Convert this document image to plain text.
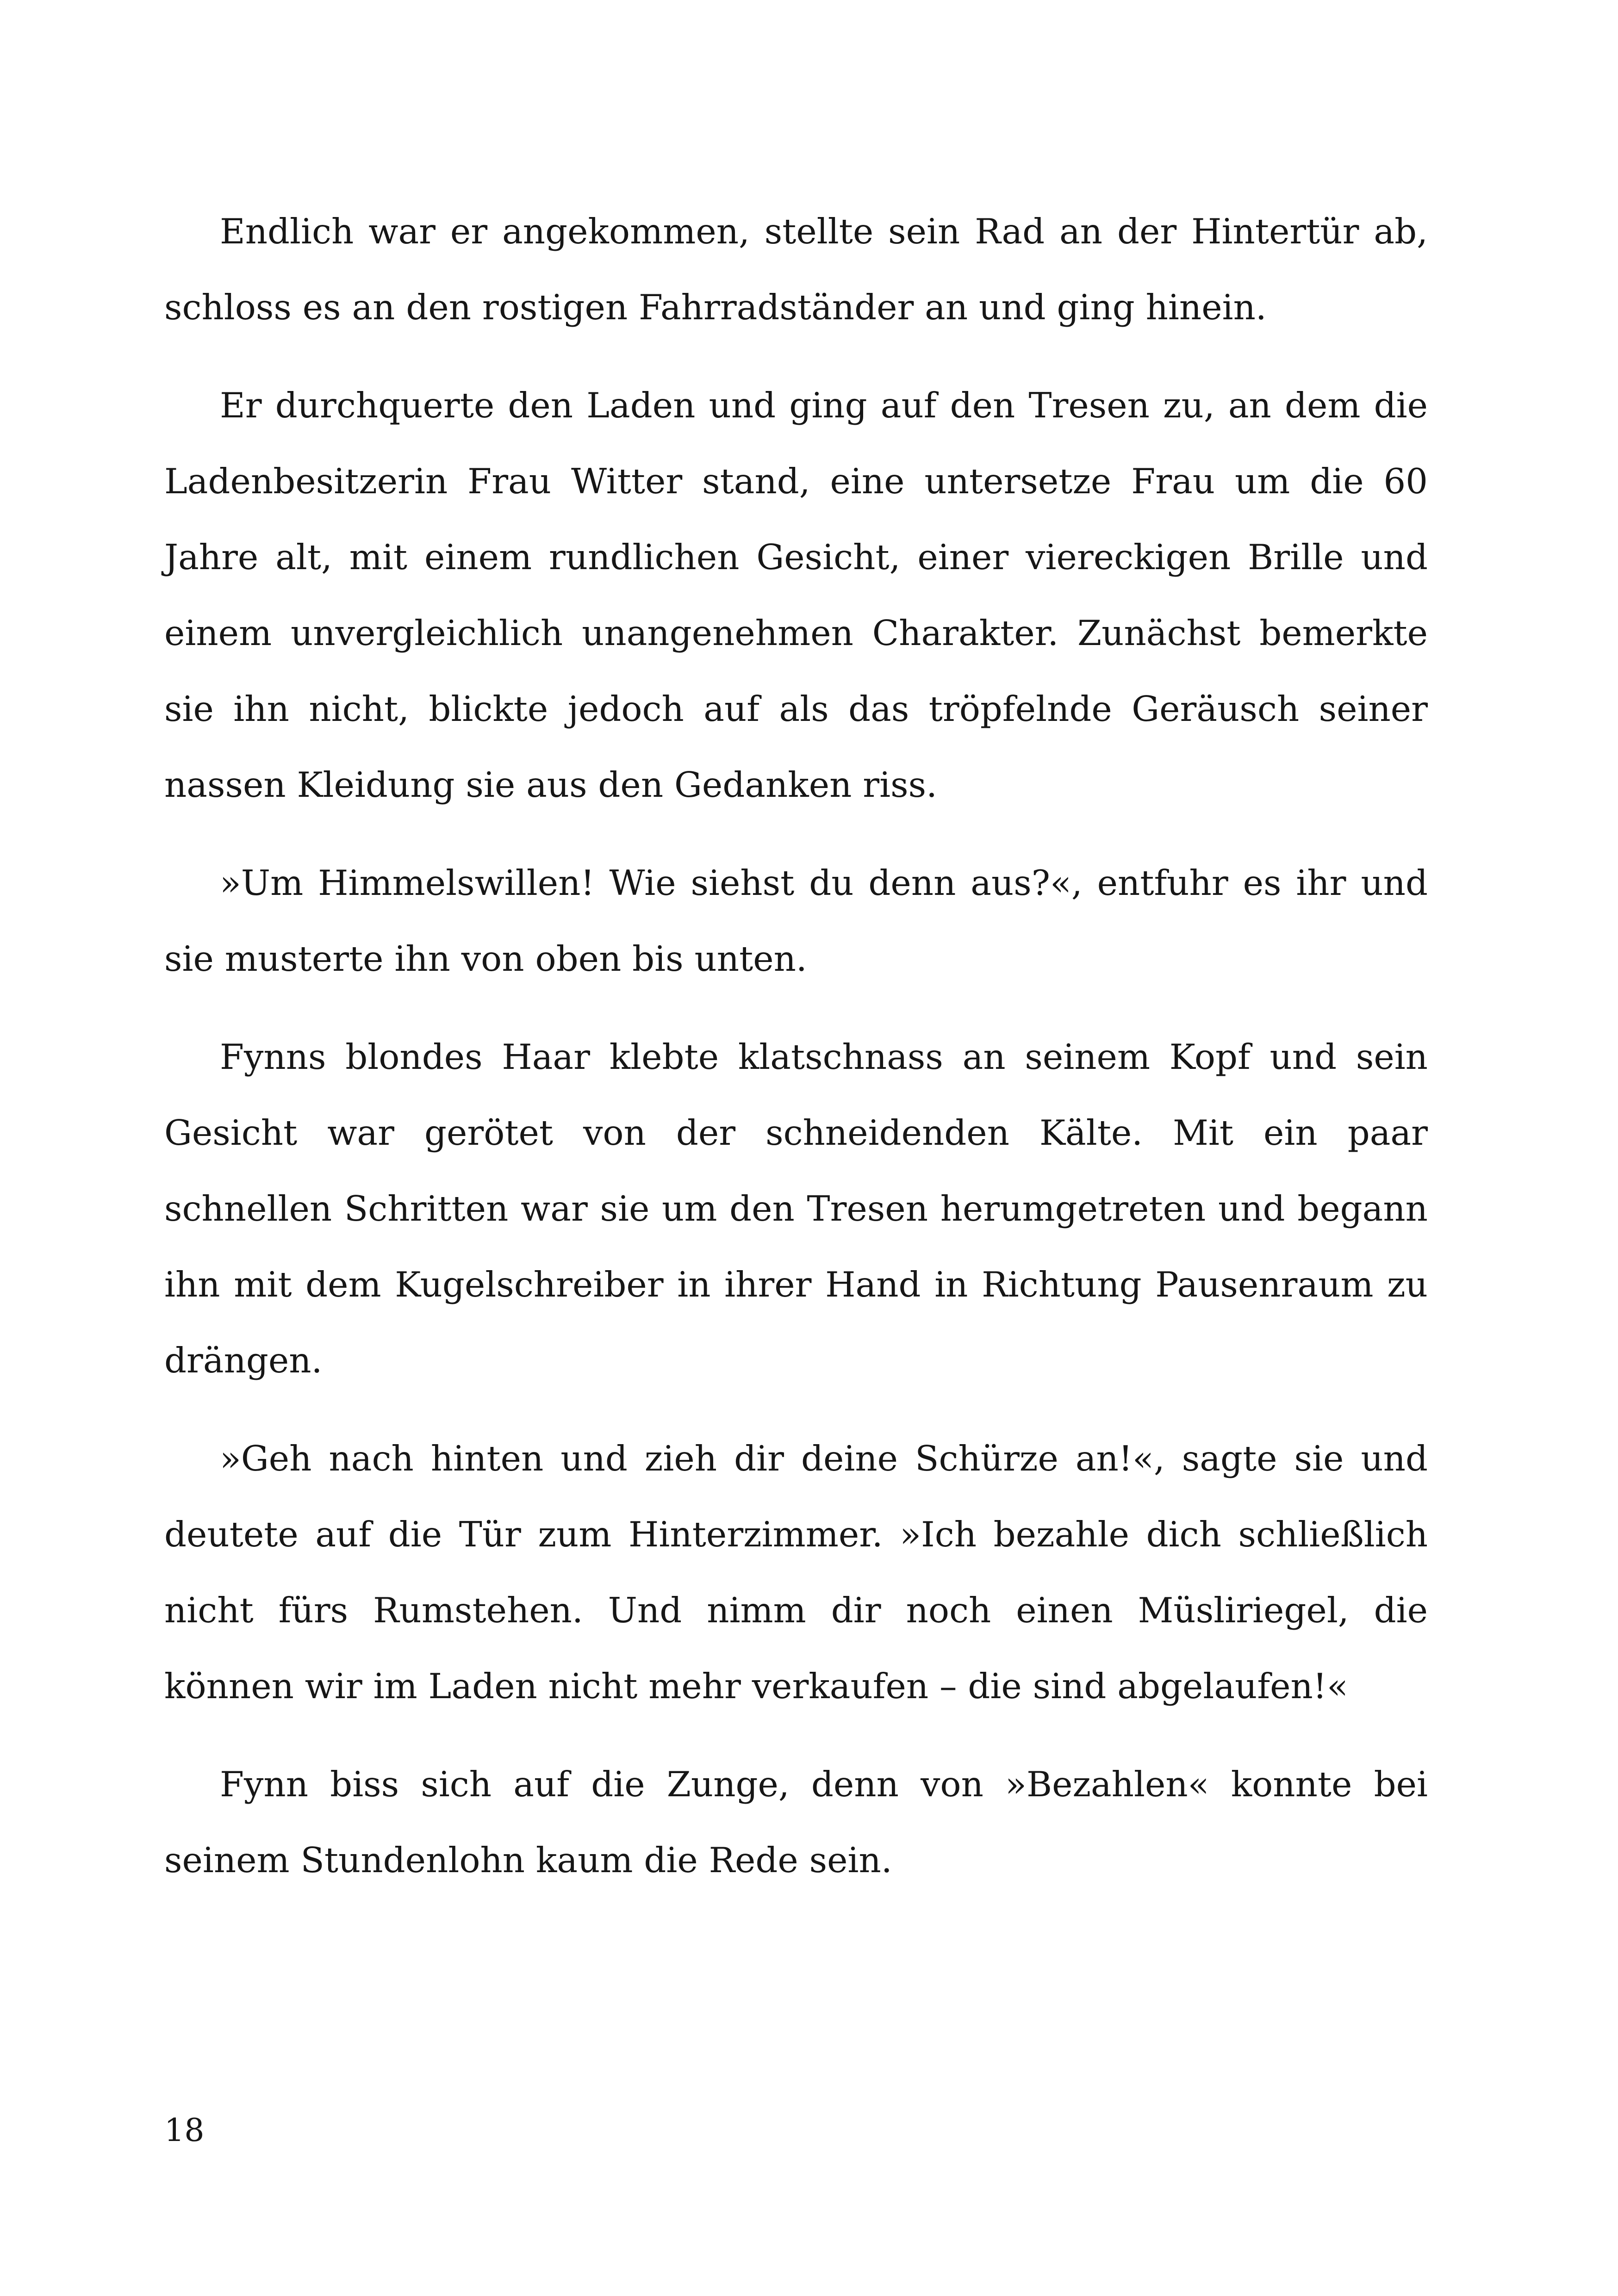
Endlich war er angekommen, stellte sein Rad an der Hintertür ab, schloss es an den rostigen Fahrradständer an und ging hinein.

Er durchquerte den Laden und ging auf den Tresen zu, an dem die Ladenbesitzerin Frau Witter stand, eine untersetze Frau um die 60 Jahre alt, mit einem rundlichen Gesicht, einer viereckigen Brille und einem unvergleichlich unangenehmen Charakter. Zunächst bemerkte sie ihn nicht, blickte jedoch auf als das tröpfelnde Geräusch seiner nassen Kleidung sie aus den Gedanken riss.

»Um Himmelswillen! Wie siehst du denn aus?«, entfuhr es ihr und sie musterte ihn von oben bis unten.

Fynns blondes Haar klebte klatschnass an seinem Kopf und sein Gesicht war gerötet von der schneidenden Kälte. Mit ein paar schnellen Schritten war sie um den Tresen herumgetreten und begann ihn mit dem Kugelschreiber in ihrer Hand in Richtung Pausenraum zu drängen.

»Geh nach hinten und zieh dir deine Schürze an!«, sagte sie und deutete auf die Tür zum Hinterzimmer. »Ich bezahle dich schließlich nicht fürs Rumstehen. Und nimm dir noch einen Müsliriegel, die können wir im Laden nicht mehr verkaufen – die sind abgelaufen!«

Fynn biss sich auf die Zunge, denn von »Bezahlen« konnte bei seinem Stundenlohn kaum die Rede sein.

18
